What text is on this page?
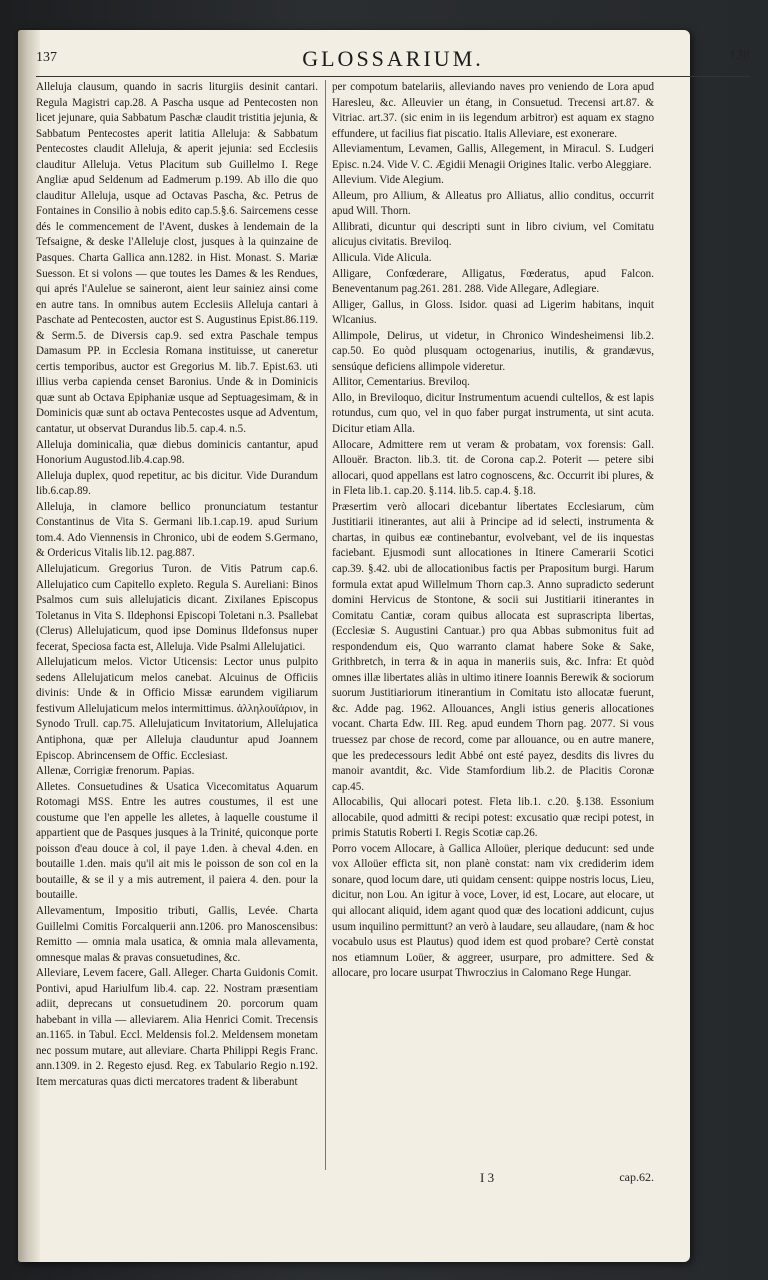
137	GLOSSARIUM.	138

Alleluja clausum, quando in sacris liturgiis desinit cantari. Regula Magistri cap.28. A Pascha usque ad Pentecosten non licet jejunare, quia Sabbatum Paschæ claudit tristitia jejunia, & Sabbatum Pentecostes aperit latitia Alleluja: & Sabbatum Pentecostes claudit Alleluja, & aperit jejunia: sed Ecclesiis clauditur Alleluja. Vetus Placitum sub Guillelmo I. Rege Angliæ apud Seldenum ad Eadmerum p.199. Ab illo die quo clauditur Alleluja, usque ad Octavas Pascha, &c. Petrus de Fontaines in Consilio à nobis edito cap.5.§.6. Saircemens cesse dés le commencement de l'Avent, duskes à lendemain de la Tefsaigne, & deske l'Alleluje clost, jusques à la quinzaine de Pasques. Charta Gallica ann.1282. in Hist. Monast. S. Mariæ Suesson. Et si volons — que toutes les Dames & les Rendues, qui aprés l'Aulelue se saineront, aient leur sainiez ainsi come en autre tans. In omnibus autem Ecclesiis Alleluja cantari à Paschate ad Pentecosten, auctor est S. Augustinus Epist.86.119. & Serm.5. de Diversis cap.9. sed extra Paschale tempus Damasum PP. in Ecclesia Romana instituisse, ut caneretur certis temporibus, auctor est Gregorius M. lib.7. Epist.63. uti illius verba capienda censet Baronius. Unde & in Dominicis quæ sunt ab Octava Epiphaniæ usque ad Septuagesimam, & in Dominicis quæ sunt ab octava Pentecostes usque ad Adventum, cantatur, ut observat Durandus lib.5. cap.4. n.5.

Alleluja dominicalia, quæ diebus dominicis cantantur, apud Honorium Augustod.lib.4.cap.98.

Alleluja duplex, quod repetitur, ac bis dicitur. Vide Durandum lib.6.cap.89.

Alleluja, in clamore bellico pronunciatum testantur Constantinus de Vita S. Germani lib.1.cap.19. apud Surium tom.4. Ado Viennensis in Chronico, ubi de eodem S.Germano, & Ordericus Vitalis lib.12. pag.887.

Allelujaticum. Gregorius Turon. de Vitis Patrum cap.6. Allelujatico cum Capitello expleto. Regula S. Aureliani: Binos Psalmos cum suis allelujaticis dicant. Zixilanes Episcopus Toletanus in Vita S. Ildephonsi Episcopi Toletani n.3. Psallebat (Clerus) Allelujaticum, quod ipse Dominus Ildefonsus nuper fecerat, Speciosa facta est, Alleluja. Vide Psalmi Allelujatici.

Allelujaticum melos. Victor Uticensis: Lector unus pulpito sedens Allelujaticum melos canebat. Alcuinus de Officiis divinis: Unde & in Officio Missæ earundem vigiliarum festivum Allelujaticum melos intermittimus. ἀλληλουϊάριον, in Synodo Trull. cap.75. Allelujaticum Invitatorium, Allelujatica Antiphona, quæ per Alleluja clauduntur apud Joannem Episcop. Abrincensem de Offic. Ecclesiast.

Allenæ, Corrigiæ frenorum. Papias.

Alletes. Consuetudines & Usatica Vicecomitatus Aquarum Rotomagi MSS. Entre les autres coustumes, il est une coustume que l'en appelle les alletes, à laquelle coustume il appartient que de Pasques jusques à la Trinité, quiconque porte poisson d'eau douce à col, il paye 1.den. à cheval 4.den. en boutaille 1.den. mais qu'il ait mis le poisson de son col en la boutaille, & se il y a mis autrement, il paiera 4. den. pour la boutaille.

Allevamentum, Impositio tributi, Gallis, Levée. Charta Guillelmi Comitis Forcalquerii ann.1206. pro Manoscensibus: Remitto — omnia mala usatica, & omnia mala allevamenta, omnesque malas & pravas consuetudines, &c.

Alleviare, Levem facere, Gall. Alleger. Charta Guidonis Comit. Pontivi, apud Hariulfum lib.4. cap. 22. Nostram præsentiam adiit, deprecans ut consuetudinem 20. porcorum quam habebant in villa — alleviarem. Alia Henrici Comit. Trecensis an.1165. in Tabul. Eccl. Meldensis fol.2. Meldensem monetam nec possum mutare, aut alleviare. Charta Philippi Regis Franc. ann.1309. in 2. Regesto ejusd. Reg. ex Tabulario Regio n.192. Item mercaturas quas dicti mercatores tradent & liberabunt

per compotum batelariis, alleviando naves pro veniendo de Lora apud Haresleu, &c. Alleuvier un étang, in Consuetud. Trecensi art.87. & Vitriac. art.37. (sic enim in iis legendum arbitror) est aquam ex stagno effundere, ut facilius fiat piscatio. Italis Alleviare, est exonerare.

Alleviamentum, Levamen, Gallis, Allegement, in Miracul. S. Ludgeri Episc. n.24. Vide V. C. Ægidii Menagii Origines Italic. verbo Aleggiare.

Allevium. Vide Alegium.

Alleum, pro Allium, & Alleatus pro Alliatus, allio conditus, occurrit apud Will. Thorn.

Allibrati, dicuntur qui descripti sunt in libro civium, vel Comitatu alicujus civitatis. Breviloq.

Allicula. Vide Alicula.

Alligare, Confœderare, Alligatus, Fœderatus, apud Falcon. Beneventanum pag.261. 281. 288. Vide Allegare, Adlegiare.

Alliger, Gallus, in Gloss. Isidor. quasi ad Ligerim habitans, inquit Wlcanius.

Allimpole, Delirus, ut videtur, in Chronico Windesheimensi lib.2. cap.50. Eo quòd plusquam octogenarius, inutilis, & grandævus, sensúque deficiens allimpole videretur.

Allitor, Cementarius. Breviloq.

Allo, in Breviloquo, dicitur Instrumentum acuendi cultellos, & est lapis rotundus, cum quo, vel in quo faber purgat instrumenta, ut sint acuta. Dicitur etiam Alla.

Allocare, Admittere rem ut veram & probatam, vox forensis: Gall. Allouër. Bracton. lib.3. tit. de Corona cap.2. Poterit — petere sibi allocari, quod appellans est latro cognoscens, &c. Occurrit ibi plures, & in Fleta lib.1. cap.20. §.114. lib.5. cap.4. §.18.

Præsertim verò allocari dicebantur libertates Ecclesiarum, cùm Justitiarii itinerantes, aut alii à Principe ad id selecti, instrumenta & chartas, in quibus eæ continebantur, evolvebant, vel de iis inquestas faciebant. Ejusmodi sunt allocationes in Itinere Camerarii Scotici cap.39. §.42. ubi de allocationibus factis per Prapositum burgi. Harum formula extat apud Willelmum Thorn cap.3. Anno supradicto sederunt domini Hervicus de Stontone, & socii sui Justitiarii itinerantes in Comitatu Cantiæ, coram quibus allocata est suprascripta libertas, (Ecclesiæ S. Augustini Cantuar.) pro qua Abbas submonitus fuit ad respondendum eis, Quo warranto clamat habere Soke & Sake, Grithbretch, in terra & in aqua in maneriis suis, &c. Infra: Et quòd omnes illæ libertates aliàs in ultimo itinere Ioannis Berewik & sociorum suorum Justitiariorum itinerantium in Comitatu isto allocatæ fuerunt, &c. Adde pag. 1962. Allouances, Angli istius generis allocationes vocant. Charta Edw. III. Reg. apud eundem Thorn pag. 2077. Si vous truessez par chose de record, come par allouance, ou en autre manere, que les predecessours ledit Abbé ont esté payez, desdits dis livres du manoir avantdit, &c. Vide Stamfordium lib.2. de Placitis Coronæ cap.45.

Allocabilis, Qui allocari potest. Fleta lib.1. c.20. §.138. Essonium allocabile, quod admitti & recipi potest: excusatio quæ recipi potest, in primis Statutis Roberti I. Regis Scotiæ cap.26.

Porro vocem Allocare, à Gallica Alloüer, plerique deducunt: sed unde vox Alloüer efficta sit, non planè constat: nam vix crediderim idem sonare, quod locum dare, uti quidam censent: quippe nostris locus, Lieu, dicitur, non Lou. An igitur à voce, Lover, id est, Locare, aut elocare, ut qui allocant aliquid, idem agant quod quæ des locationi addicunt, cujus usum inquilino permittunt? an verò à laudare, seu allaudare, (nam & hoc vocabulo usus est Plautus) quod idem est quod probare? Certè constat nos etiamnum Loüer, & aggreer, usurpare, pro admittere. Sed & allocare, pro locare usurpat Thwroczius in Calomano Rege Hungar.

I 3	cap.62.
